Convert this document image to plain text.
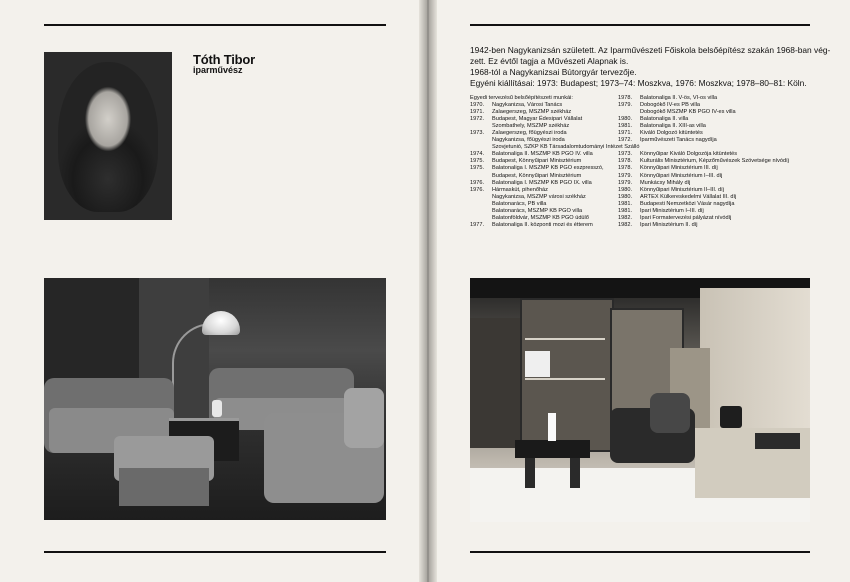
Tóth Tibor
iparművész
1942-ben Nagykanizsán született. Az Iparművészeti Főiskola belsőépítész szakán 1968-ban vég-
zett. Ez évtől tagja a Művészeti Alapnak is.
1968-tól a Nagykanizsai Bútorgyár tervezője.
Egyéni kiállításai: 1973: Budapest; 1973–74: Moszkva, 1976: Moszkva; 1978–80–81: Köln.
Egyedi tervezésű belsőépítészeti munkái:
1970. Nagykanizsa, Városi Tanács
1971. Zalaegerszeg, MSZMP székház
1972. Budapest, Magyar Édesipari Vállalat
Szombathely, MSZMP székház
1973. Zalaegerszeg, főügyészi iroda
Nagykanizsa, főügyészi iroda
Szovjetunió, SZKP KB Társadalomtudományi Intézet Szálló
1974. Balatonaliga II. MSZMP KB PGO IV. villa
1975. Budapest, Könnyűipari Minisztérium
1975. Balatonaliga I. MSZMP KB PGO eszpresszó,
Budapest, Könnyűipari Minisztérium
1976. Balatonaliga I. MSZMP KB PGO IX. villa
1976. Hármaskút, pihenőház
Nagykanizsa, MSZMP városi székház
Balatonarács, PB villa
Balatonarács, MSZMP KB PGO villa
Balatonföldvár, MSZMP KB PGO üdülő
1977. Balatonaliga II. központi mozi és étterem
1978. Balatonaliga II. V-ös, VI-os villa
1979. Dobogókő IV-es PB villa
Dobogókő MSZMP KB PGO IV-es villa
1980. Balatonaliga II. villa
1981. Balatonaliga II. XIII-as villa
1971. Kiváló Dolgozó kitüntetés
1972. Iparművészeti Tanács nagydíja

1973. Könnyűipar Kiváló Dolgozója kitüntetés
1978. Kulturális Minisztérium, Képzőművészek Szövetsége nívódíj
1978. Könnyűipari Minisztérium III. díj
1979. Könnyűipari Minisztérium I–III. díj
1979. Munkácsy Mihály díj
1980. Könnyűipari Minisztérium II–III. díj
1980. ARTEX Külkereskedelmi Vállalat III. díj
1981. Budapesti Nemzetközi Vásár nagydíja
1981. Ipari Minisztérium I–III. díj
1982. Ipari Formatervezési pályázat nívódíj
1982. Ipari Minisztérium II. díj
